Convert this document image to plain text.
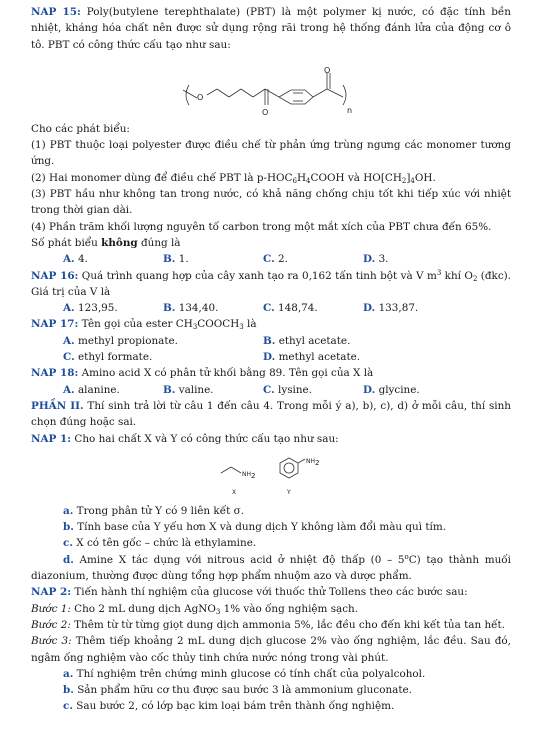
NAP 15: Poly(butylene terephthalate) (PBT) là một polymer kị nước, có đặc tính bền nhiệt, kháng hóa chất nên được sử dụng rộng rãi trong hệ thống đánh lửa của động cơ ô tô. PBT có công thức cấu tạo như sau:

O
O
O
n

Cho các phát biểu:

(1) PBT thuộc loại polyester được điều chế từ phản ứng trùng ngưng các monomer tương ứng.

(2) Hai monomer dùng để điều chế PBT là $p-HOC_6H_4COOH$ và $HO[CH_2]_4OH$.

(3) PBT hầu như không tan trong nước, có khả năng chống chịu tốt khi tiếp xúc với nhiệt trong thời gian dài.

(4) Phần trăm khối lượng nguyên tố carbon trong một mắt xích của PBT chưa đến 65%.

Số phát biểu không đúng là

A. 4.	B. 1.	C. 2.	D. 3.

NAP 16: Quá trình quang hợp của cây xanh tạo ra 0,162 tấn tinh bột và V $m^3$ khí $O_2$ (đkc). Giá trị của V là

A. 123,95.	B. 134,40.	C. 148,74.	D. 133,87.

NAP 17: Tên gọi của ester $CH_3COOCH_3$ là

A. methyl propionate.	B. ethyl acetate.
C. ethyl formate.	D. methyl acetate.

NAP 18: Amino acid X có phân tử khối bằng 89. Tên gọi của X là

A. alanine.	B. valine.	C. lysine.	D. glycine.

PHẦN II. Thí sinh trả lời từ câu 1 đến câu 4. Trong mỗi ý a), b), c), d) ở mỗi câu, thí sinh chọn đúng hoặc sai.

NAP 1: Cho hai chất X và Y có công thức cấu tạo như sau:

$NH_2$
X
$NH_2$
Y

a. Trong phân tử Y có 9 liên kết σ.

b. Tính base của Y yếu hơn X và dung dịch Y không làm đổi màu quì tím.

c. X có tên gốc – chức là ethylamine.

d. Amine X tác dụng với nitrous acid ở nhiệt độ thấp (0 – 5$^o$C) tạo thành muối diazonium, thường được dùng tổng hợp phẩm nhuộm azo và dược phẩm.

NAP 2: Tiến hành thí nghiệm của glucose với thuốc thử Tollens theo các bước sau:

Bước 1: Cho 2 mL dung dịch AgNO$_3$ 1% vào ống nghiệm sạch.

Bước 2: Thêm từ từ từng giọt dung dịch ammonia 5%, lắc đều cho đến khi kết tủa tan hết.

Bước 3: Thêm tiếp khoảng 2 mL dung dịch glucose 2% vào ống nghiệm, lắc đều. Sau đó, ngâm ống nghiệm vào cốc thủy tinh chứa nước nóng trong vài phút.

a. Thí nghiệm trên chứng minh glucose có tính chất của polyalcohol.

b. Sản phẩm hữu cơ thu được sau bước 3 là ammonium gluconate.

c. Sau bước 2, có lớp bạc kim loại bám trên thành ống nghiệm.
